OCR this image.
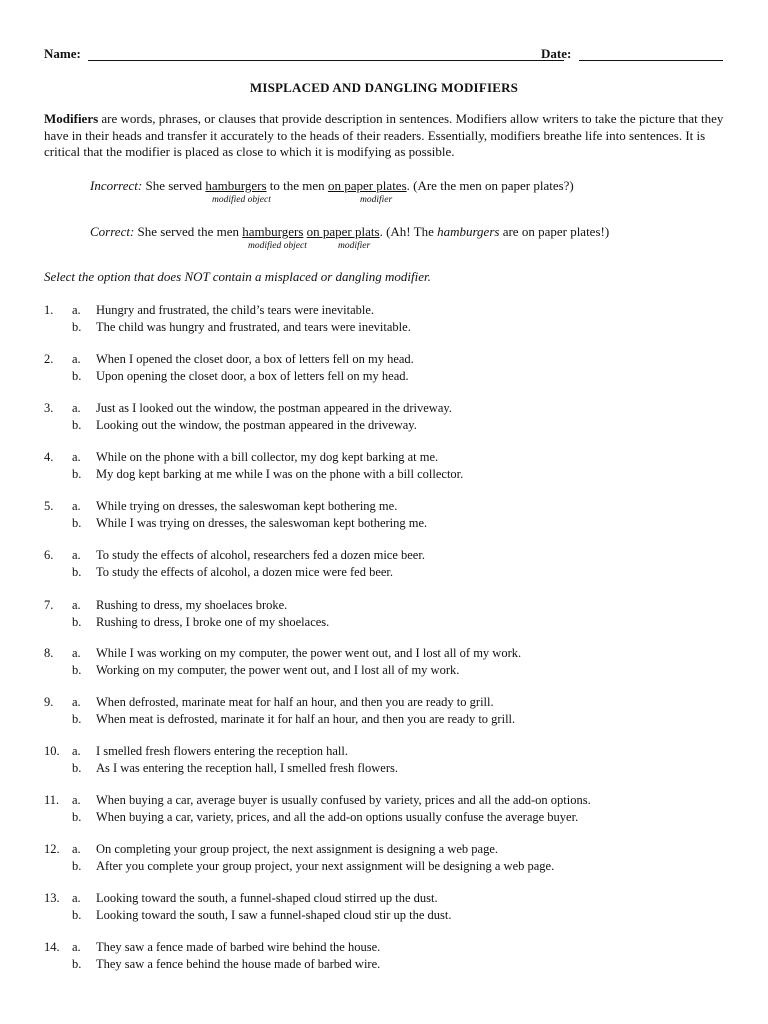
Name:	Date:
MISPLACED AND DANGLING MODIFIERS
Modifiers are words, phrases, or clauses that provide description in sentences. Modifiers allow writers to take the picture that they have in their heads and transfer it accurately to the heads of their readers. Essentially, modifiers breathe life into sentences. It is critical that the modifier is placed as close to which it is modifying as possible.
Incorrect: She served hamburgers to the men on paper plates. (Are the men on paper plates?)
modified object	modifier
Correct: She served the men hamburgers on paper plats. (Ah! The hamburgers are on paper plates!)
modified object	modifier
Select the option that does NOT contain a misplaced or dangling modifier.
1. a. Hungry and frustrated, the child’s tears were inevitable.
b. The child was hungry and frustrated, and tears were inevitable.
2. a. When I opened the closet door, a box of letters fell on my head.
b. Upon opening the closet door, a box of letters fell on my head.
3. a. Just as I looked out the window, the postman appeared in the driveway.
b. Looking out the window, the postman appeared in the driveway.
4. a. While on the phone with a bill collector, my dog kept barking at me.
b. My dog kept barking at me while I was on the phone with a bill collector.
5. a. While trying on dresses, the saleswoman kept bothering me.
b. While I was trying on dresses, the saleswoman kept bothering me.
6. a. To study the effects of alcohol, researchers fed a dozen mice beer.
b. To study the effects of alcohol, a dozen mice were fed beer.
7. a. Rushing to dress, my shoelaces broke.
b. Rushing to dress, I broke one of my shoelaces.
8. a. While I was working on my computer, the power went out, and I lost all of my work.
b. Working on my computer, the power went out, and I lost all of my work.
9. a. When defrosted, marinate meat for half an hour, and then you are ready to grill.
b. When meat is defrosted, marinate it for half an hour, and then you are ready to grill.
10. a. I smelled fresh flowers entering the reception hall.
b. As I was entering the reception hall, I smelled fresh flowers.
11. a. When buying a car, average buyer is usually confused by variety, prices and all the add-on options.
b. When buying a car, variety, prices, and all the add-on options usually confuse the average buyer.
12. a. On completing your group project, the next assignment is designing a web page.
b. After you complete your group project, your next assignment will be designing a web page.
13. a. Looking toward the south, a funnel-shaped cloud stirred up the dust.
b. Looking toward the south, I saw a funnel-shaped cloud stir up the dust.
14. a. They saw a fence made of barbed wire behind the house.
b. They saw a fence behind the house made of barbed wire.
